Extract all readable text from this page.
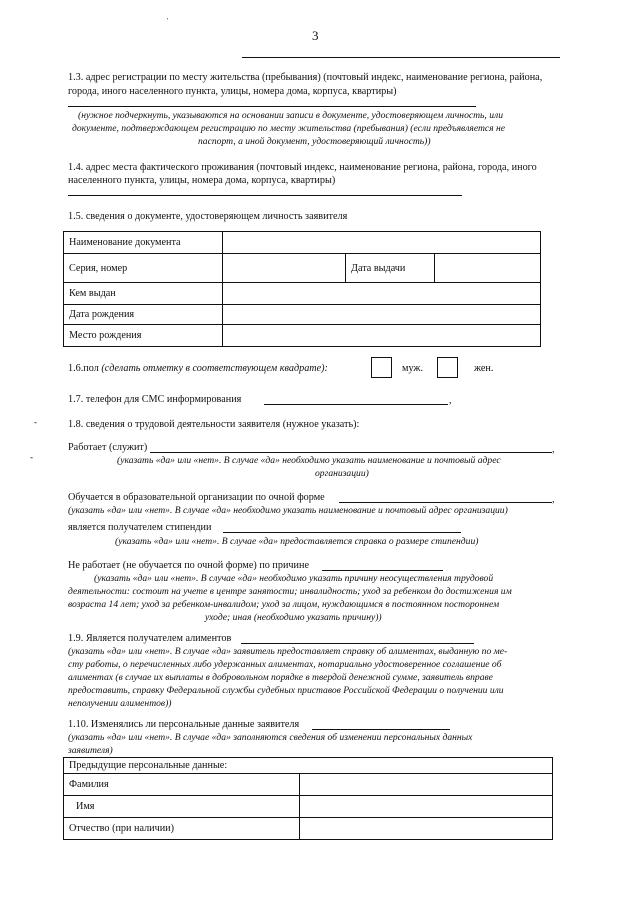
'
3
1.3. адрес регистрации по месту жительства (пребывания) (почтовый индекс, наименование региона, района,
города, иного населенного пункта, улицы, номера дома, корпуса, квартиры)
(нужное подчеркнуть, указываются на основании записи в документе, удостоверяющем личность, или
документе, подтверждающем регистрацию по месту жительства (пребывания) (если предъявляется не
паспорт, а иной документ, удостоверяющий личность))
1.4. адрес места фактического проживания (почтовый индекс, наименование региона, района, города, иного
населенного пункта, улицы, номера дома, корпуса, квартиры)
1.5. сведения о документе, удостоверяющем личность заявителя
Наименование документа			
Серия, номер		Дата выдачи	
Кем выдан			
Дата рождения			
Место рождения			
1.6.пол (сделать отметку в соответствующем квадрате):	муж.	жен.
1.7. телефон для СМС информирования	,
-
-
1.8. сведения о трудовой деятельности заявителя (нужное указать):
Работает (служит)	,
(указать «да» или «нет». В случае «да» необходимо указать наименование и почтовый адрес
организации)
Обучается в образовательной организации по очной форме	,
(указать «да» или «нет». В случае «да» необходимо указать наименование и почтовый адрес организации)
является получателем стипендии
(указать «да» или «нет». В случае «да» предоставляется справка о размере стипендии)
Не работает (не обучается по очной форме) по причине
(указать «да» или «нет». В случае «да» необходимо указать причину неосуществления трудовой
деятельности: состоит на учете в центре занятости; инвалидность; уход за ребенком до достижения им
возраста 14 лет; уход за ребенком-инвалидом; уход за лицом, нуждающимся в постоянном постороннем
уходе; иная (необходимо указать причину))
1.9. Является получателем алиментов
(указать «да» или «нет». В случае «да» заявитель предоставляет справку об алиментах, выданную по ме-
сту работы, о перечисленных либо удержанных алиментах, нотариально удостоверенное соглашение об
алиментах (в случае их выплаты в добровольном порядке в твердой денежной сумме, заявитель вправе
предоставить, справку Федеральной службы судебных приставов Российской Федерации о получении или
неполучении алиментов))
1.10. Изменялись ли персональные данные заявителя
(указать «да» или «нет». В случае «да» заполняются сведения об изменении персональных данных
заявителя)
Предыдущие персональные данные:	
Фамилия	
Имя	
Отчество (при наличии)	
